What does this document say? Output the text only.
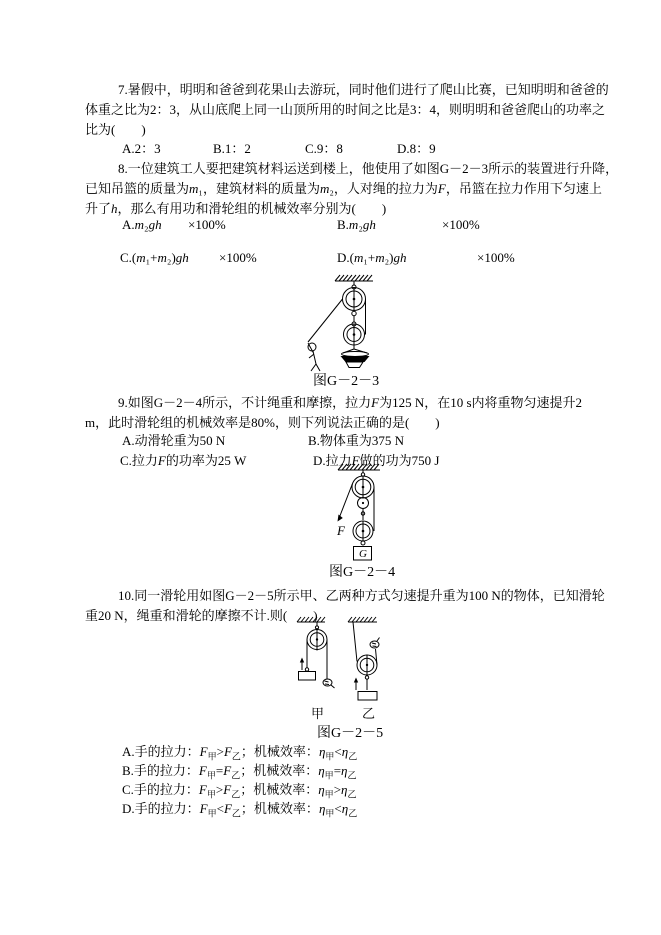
7.暑假中，明明和爸爸到花果山去游玩，同时他们进行了爬山比赛，已知明明和爸爸的
体重之比为2：3，从山底爬上同一山顶所用的时间之比是3：4，则明明和爸爸爬山的功率之
比为(　　)
A.2：3	B.1：2	C.9：8	D.8：9
8.一位建筑工人要把建筑材料运送到楼上，他使用了如图G－2－3所示的装置进行升降，
已知吊篮的质量为m₁，建筑材料的质量为m₂，人对绳的拉力为F，吊篮在拉力作用下匀速上
升了h，那么有用功和滑轮组的机械效率分别为(　　)
A.m₂gh ×100%	B.m₂gh	×100%
C.(m₁+m₂)gh ×100%	D.(m₁+m₂)gh	×100%
图G－2－3
9.如图G－2－4所示，不计绳重和摩擦，拉力F为125 N，在10 s内将重物匀速提升2
m，此时滑轮组的机械效率是80%，则下列说法正确的是(　　)
A.动滑轮重为50 N	B.物体重为375 N
C.拉力F的功率为25 W	D.拉力F做的功为750 J
F
G
图G－2－4
10.同一滑轮用如图G－2－5所示甲、乙两种方式匀速提升重为100 N的物体，已知滑轮
重20 N，绳重和滑轮的摩擦不计.则(　　)
甲	乙
图G－2－5
A.手的拉力：$F_甲>F_乙$；机械效率：$\eta_甲<\eta_乙$
B.手的拉力：$F_甲=F_乙$；机械效率：$\eta_甲=\eta_乙$
C.手的拉力：$F_甲>F_乙$；机械效率：$\eta_甲>\eta_乙$
D.手的拉力：$F_甲<F_乙$；机械效率：$\eta_甲<\eta_乙$
